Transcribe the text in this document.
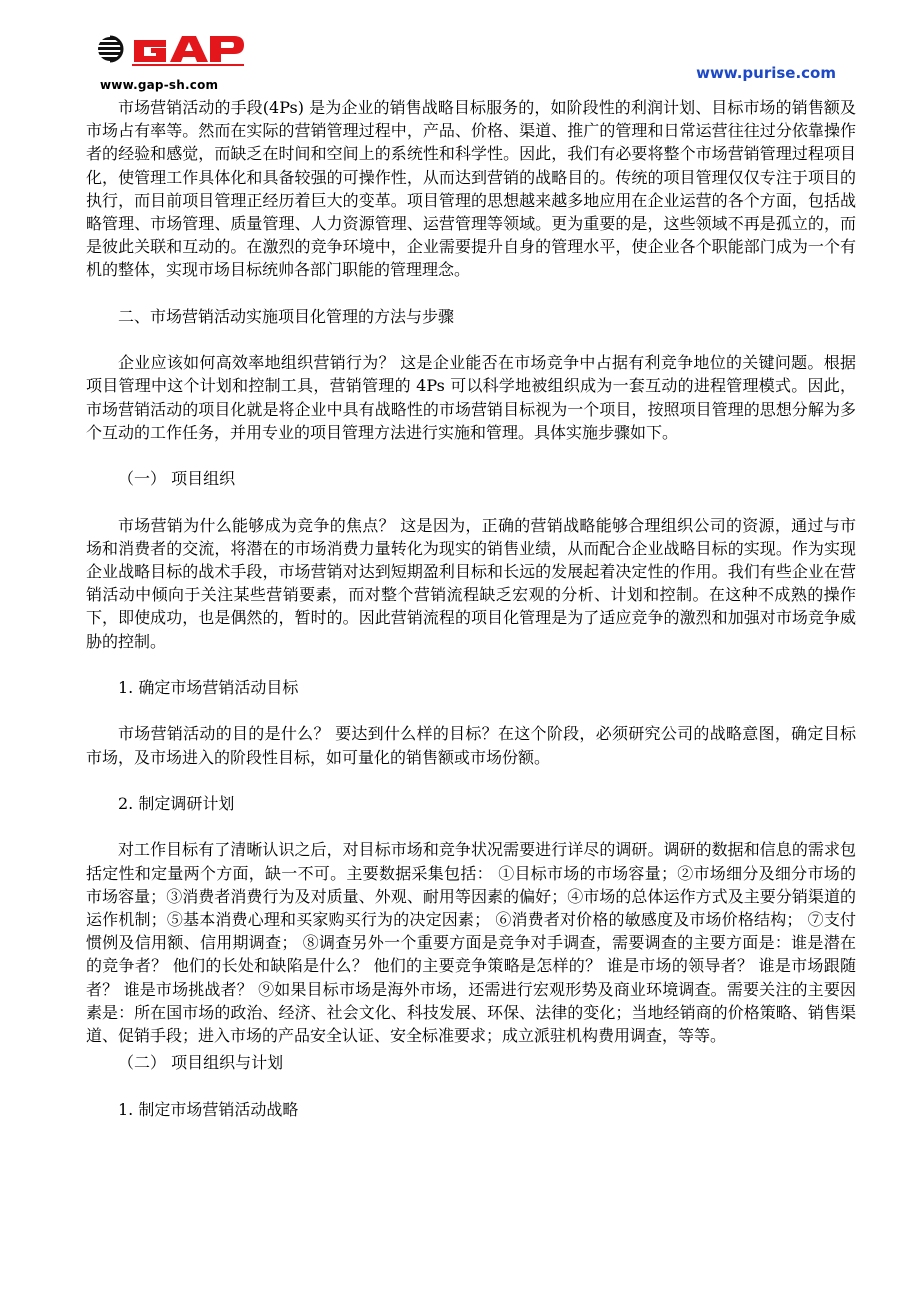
www.gap-sh.com
www.purise.com

市场营销活动的手段(4Ps) 是为企业的销售战略目标服务的，如阶段性的利润计划、目标市场的销售额及市场占有率等。然而在实际的营销管理过程中，产品、价格、渠道、推广的管理和日常运营往往过分依靠操作者的经验和感觉，而缺乏在时间和空间上的系统性和科学性。因此，我们有必要将整个市场营销管理过程项目化，使管理工作具体化和具备较强的可操作性，从而达到营销的战略目的。传统的项目管理仅仅专注于项目的执行，而目前项目管理正经历着巨大的变革。项目管理的思想越来越多地应用在企业运营的各个方面，包括战略管理、市场管理、质量管理、人力资源管理、运营管理等领域。更为重要的是，这些领域不再是孤立的，而是彼此关联和互动的。在激烈的竞争环境中，企业需要提升自身的管理水平，使企业各个职能部门成为一个有机的整体，实现市场目标统帅各部门职能的管理理念。

二、市场营销活动实施项目化管理的方法与步骤

企业应该如何高效率地组织营销行为？ 这是企业能否在市场竞争中占据有利竞争地位的关键问题。根据项目管理中这个计划和控制工具，营销管理的 4Ps 可以科学地被组织成为一套互动的进程管理模式。因此，市场营销活动的项目化就是将企业中具有战略性的市场营销目标视为一个项目，按照项目管理的思想分解为多个互动的工作任务，并用专业的项目管理方法进行实施和管理。具体实施步骤如下。

（一） 项目组织

市场营销为什么能够成为竞争的焦点？ 这是因为，正确的营销战略能够合理组织公司的资源，通过与市场和消费者的交流，将潜在的市场消费力量转化为现实的销售业绩，从而配合企业战略目标的实现。作为实现企业战略目标的战术手段，市场营销对达到短期盈利目标和长远的发展起着决定性的作用。我们有些企业在营销活动中倾向于关注某些营销要素，而对整个营销流程缺乏宏观的分析、计划和控制。在这种不成熟的操作下，即使成功，也是偶然的，暂时的。因此营销流程的项目化管理是为了适应竞争的激烈和加强对市场竞争威胁的控制。

1. 确定市场营销活动目标

市场营销活动的目的是什么？ 要达到什么样的目标？在这个阶段，必须研究公司的战略意图，确定目标市场，及市场进入的阶段性目标，如可量化的销售额或市场份额。

2. 制定调研计划

对工作目标有了清晰认识之后，对目标市场和竞争状况需要进行详尽的调研。调研的数据和信息的需求包括定性和定量两个方面，缺一不可。主要数据采集包括： ①目标市场的市场容量；②市场细分及细分市场的市场容量；③消费者消费行为及对质量、外观、耐用等因素的偏好；④市场的总体运作方式及主要分销渠道的运作机制；⑤基本消费心理和买家购买行为的决定因素； ⑥消费者对价格的敏感度及市场价格结构； ⑦支付惯例及信用额、信用期调查； ⑧调查另外一个重要方面是竞争对手调查，需要调查的主要方面是：谁是潜在的竞争者？ 他们的长处和缺陷是什么？ 他们的主要竞争策略是怎样的？ 谁是市场的领导者？ 谁是市场跟随者？ 谁是市场挑战者？ ⑨如果目标市场是海外市场，还需进行宏观形势及商业环境调查。需要关注的主要因素是：所在国市场的政治、经济、社会文化、科技发展、环保、法律的变化；当地经销商的价格策略、销售渠道、促销手段；进入市场的产品安全认证、安全标准要求；成立派驻机构费用调查，等等。

（二） 项目组织与计划

1. 制定市场营销活动战略
